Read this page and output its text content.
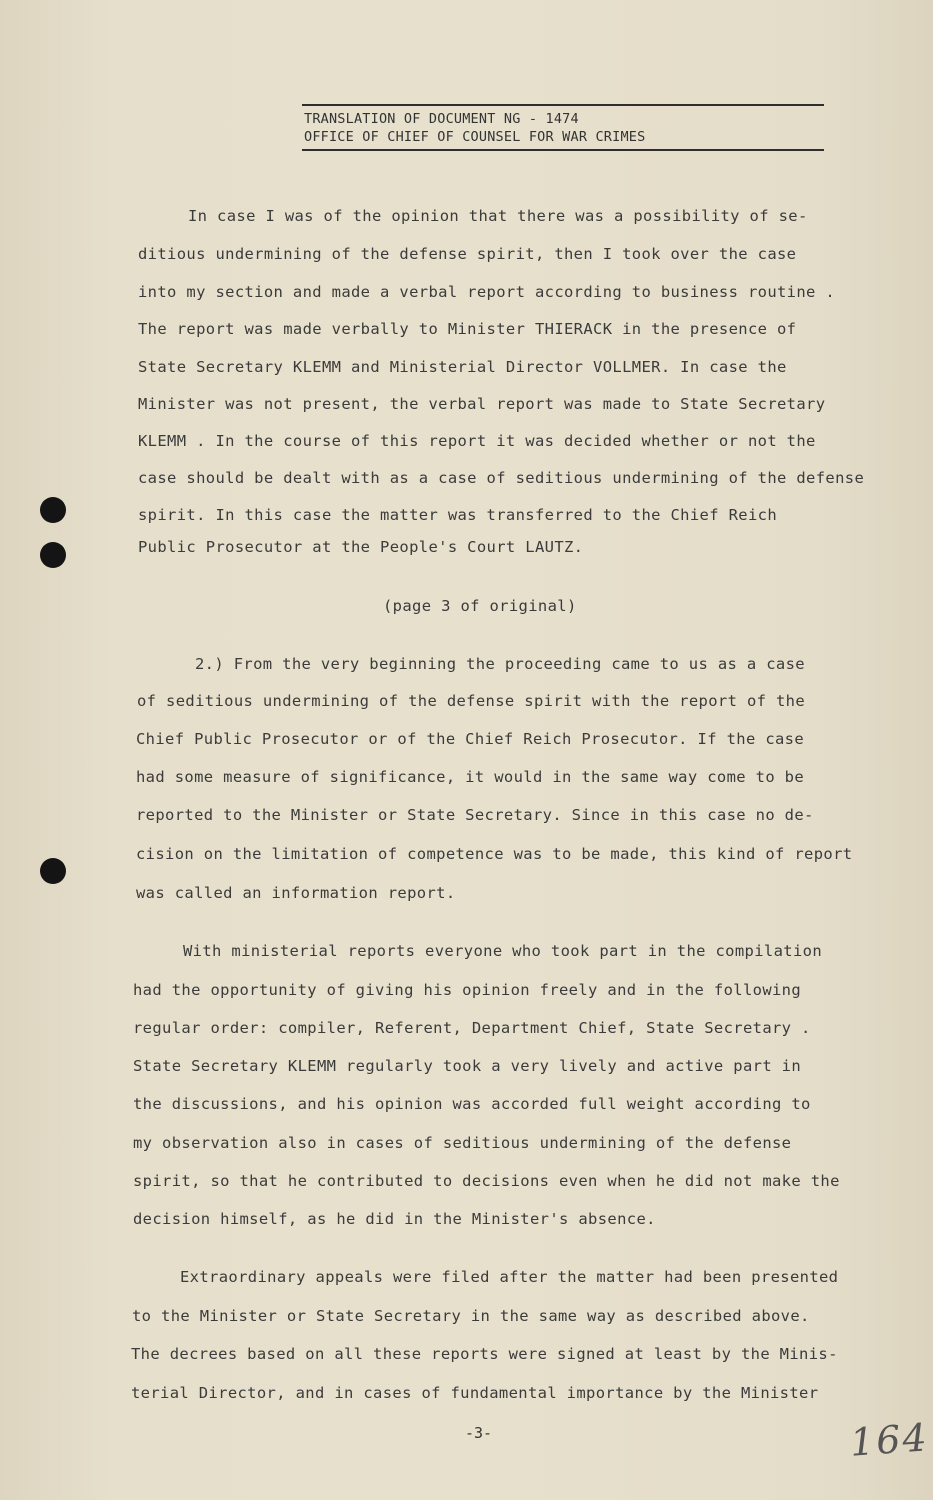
TRANSLATION OF DOCUMENT NG - 1474
OFFICE OF CHIEF OF COUNSEL FOR WAR CRIMES
In case I was of the opinion that there was a possibility of se-
ditious undermining of the defense spirit, then I took over the case
into my section and made a verbal report according to business routine .
The report was made verbally to Minister THIERACK in the presence of
State Secretary KLEMM and Ministerial Director VOLLMER. In case the
Minister was not present, the verbal report was made to State Secretary
KLEMM . In the course of this report it was decided whether or not the
case should be dealt with as a case of seditious undermining of the defense
spirit. In this case the matter was transferred to the Chief Reich
Public Prosecutor at the People's Court LAUTZ.
(page 3 of original)
2.) From the very beginning the proceeding came to us as a case
of seditious undermining of the defense spirit with the report of the
Chief Public Prosecutor or of the Chief Reich Prosecutor. If the case
had some measure of significance, it would in the same way come to be
reported to the Minister or State Secretary. Since in this case no de-
cision on the limitation of competence was to be made, this kind of report
was called an information report.
With ministerial reports everyone who took part in the compilation
had the opportunity of giving his opinion freely and in the following
regular order: compiler, Referent, Department Chief, State Secretary .
State Secretary KLEMM regularly took a very lively and active part in
the discussions, and his opinion was accorded full weight according to
my observation also in cases of seditious undermining of the defense
spirit, so that he contributed to decisions even when he did not make the
decision himself, as he did in the Minister's absence.
Extraordinary appeals were filed after the matter had been presented
to the Minister or State Secretary in the same way as described above.
The decrees based on all these reports were signed at least by the Minis-
terial Director, and in cases of fundamental importance by the Minister
-3-	164
